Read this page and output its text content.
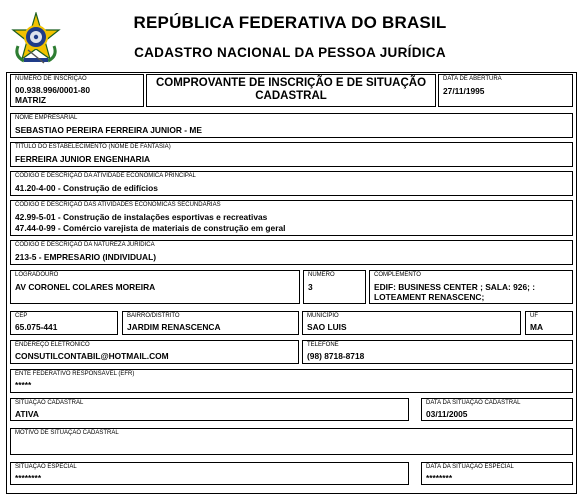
REPÚBLICA FEDERATIVA DO BRASIL
CADASTRO NACIONAL DA PESSOA JURÍDICA
NÚMERO DE INSCRIÇÃO
00.938.996/0001-80
MATRIZ
COMPROVANTE DE INSCRIÇÃO E DE SITUAÇÃO
CADASTRAL
DATA DE ABERTURA
27/11/1995
NOME EMPRESARIAL
SEBASTIAO PEREIRA FERREIRA JUNIOR - ME
TÍTULO DO ESTABELECIMENTO (NOME DE FANTASIA)
FERREIRA JUNIOR ENGENHARIA
CÓDIGO E DESCRIÇÃO DA ATIVIDADE ECONÔMICA PRINCIPAL
41.20-4-00 - Construção de edifícios
CÓDIGO E DESCRIÇÃO DAS ATIVIDADES ECONÔMICAS SECUNDÁRIAS
42.99-5-01 - Construção de instalações esportivas e recreativas
47.44-0-99 - Comércio varejista de materiais de construção em geral
CÓDIGO E DESCRIÇÃO DA NATUREZA JURÍDICA
213-5 - EMPRESARIO (INDIVIDUAL)
LOGRADOURO
AV CORONEL COLARES MOREIRA
NÚMERO
3
COMPLEMENTO
EDIF: BUSINESS CENTER ; SALA: 926; :
LOTEAMENT RENASCENC;
CEP
65.075-441
BAIRRO/DISTRITO
JARDIM RENASCENCA
MUNICÍPIO
SAO LUIS
UF
MA
ENDEREÇO ELETRÔNICO
CONSUTILCONTABIL@HOTMAIL.COM
TELEFONE
(98) 8718-8718
ENTE FEDERATIVO RESPONSÁVEL (EFR)
*****
SITUAÇÃO CADASTRAL
ATIVA
DATA DA SITUAÇÃO CADASTRAL
03/11/2005
MOTIVO DE SITUAÇÃO CADASTRAL
SITUAÇÃO ESPECIAL
********
DATA DA SITUAÇÃO ESPECIAL
********
